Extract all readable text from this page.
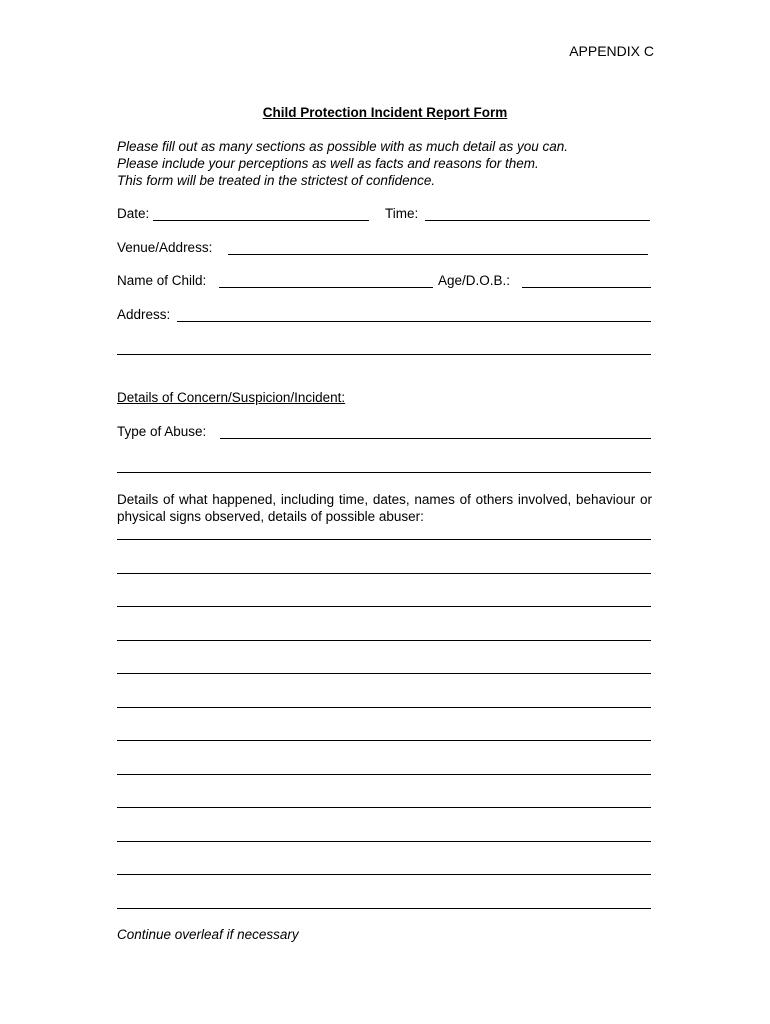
APPENDIX C
Child Protection Incident Report Form
Please fill out as many sections as possible with as much detail as you can.
Please include your perceptions as well as facts and reasons for them.
This form will be treated in the strictest of confidence.
Date:	Time:
Venue/Address:
Name of Child:	Age/D.O.B.:
Address:
Details of Concern/Suspicion/Incident:
Type of Abuse:
Details of what happened, including time, dates, names of others involved, behaviour or physical signs observed, details of possible abuser:
Continue overleaf if necessary
